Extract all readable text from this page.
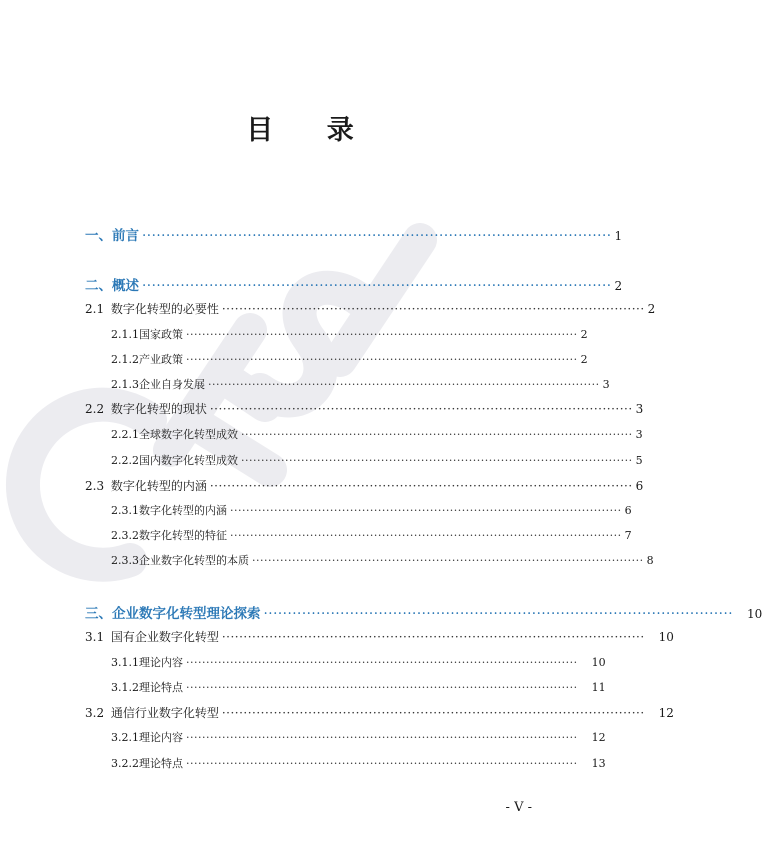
目 录
一、前言 ·································································································· 1
二、概述 ·································································································· 2
2.1 数字化转型的必要性 ·································································································· 2
2.1.1国家政策 ·································································································· 2
2.1.2产业政策 ·································································································· 2
2.1.3企业自身发展 ·································································································· 3
2.2 数字化转型的现状 ·································································································· 3
2.2.1全球数字化转型成效 ·································································································· 3
2.2.2国内数字化转型成效 ·································································································· 5
2.3 数字化转型的内涵 ·································································································· 6
2.3.1数字化转型的内涵 ·································································································· 6
2.3.2数字化转型的特征 ·································································································· 7
2.3.3企业数字化转型的本质 ·································································································· 8
三、企业数字化转型理论探索 ·································································································· 10
3.1 国有企业数字化转型 ·································································································· 10
3.1.1理论内容 ·································································································· 10
3.1.2理论特点 ·································································································· 11
3.2 通信行业数字化转型 ·································································································· 12
3.2.1理论内容 ·································································································· 12
3.2.2理论特点 ·································································································· 13
- V -
